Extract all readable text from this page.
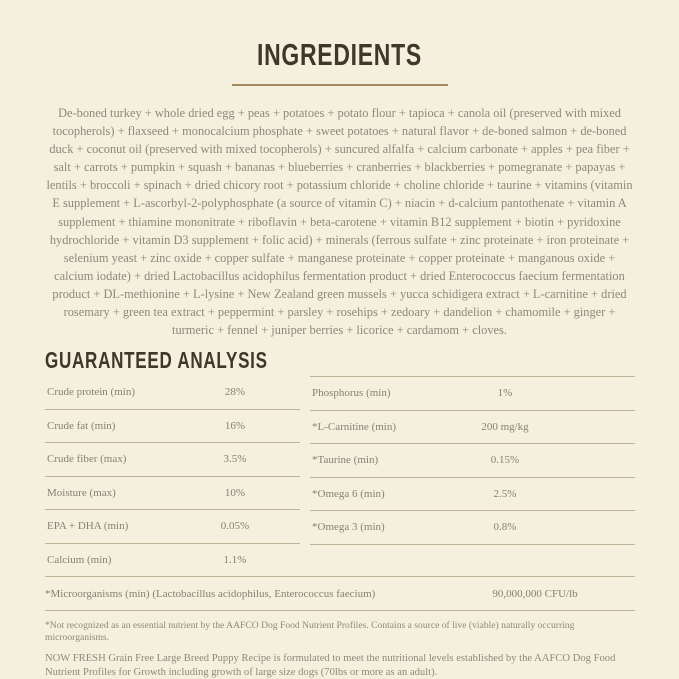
INGREDIENTS

De-boned turkey + whole dried egg + peas + potatoes + potato flour + tapioca + canola oil (preserved with mixed tocopherols) + flaxseed + monocalcium phosphate + sweet potatoes + natural flavor + de-boned salmon + de-boned duck + coconut oil (preserved with mixed tocopherols) + suncured alfalfa + calcium carbonate + apples + pea fiber + salt + carrots + pumpkin + squash + bananas + blueberries + cranberries + blackberries + pomegranate + papayas + lentils + broccoli + spinach + dried chicory root + potassium chloride + choline chloride + taurine + vitamins (vitamin E supplement + L-ascorbyl-2-polyphosphate (a source of vitamin C) + niacin + d-calcium pantothenate + vitamin A supplement + thiamine mononitrate + riboflavin + beta-carotene + vitamin B12 supplement + biotin + pyridoxine hydrochloride + vitamin D3 supplement + folic acid) + minerals (ferrous sulfate + zinc proteinate + iron proteinate + selenium yeast + zinc oxide + copper sulfate + manganese proteinate + copper proteinate + manganous oxide + calcium iodate) + dried Lactobacillus acidophilus fermentation product + dried Enterococcus faecium fermentation product + DL-methionine + L-lysine + New Zealand green mussels + yucca schidigera extract + L-carnitine + dried rosemary + green tea extract + peppermint + parsley + rosehips + zedoary + dandelion + chamomile + ginger + turmeric + fennel + juniper berries + licorice + cardamom + cloves.

GUARANTEED ANALYSIS
Crude protein (min)	28%
Crude fat (min)	16%
Crude fiber (max)	3.5%
Moisture (max)	10%
EPA + DHA (min)	0.05%
Calcium (min)	1.1%
Phosphorus (min)	1%
*L-Carnitine (min)	200 mg/kg
*Taurine (min)	0.15%
*Omega 6 (min)	2.5%
*Omega 3 (min)	0.8%
*Microorganisms (min) (Lactobacillus acidophilus, Enterococcus faecium)	90,000,000 CFU/lb

*Not recognized as an essential nutrient by the AAFCO Dog Food Nutrient Profiles. Contains a source of live (viable) naturally occurring microorganisms.

NOW FRESH Grain Free Large Breed Puppy Recipe is formulated to meet the nutritional levels established by the AAFCO Dog Food Nutrient Profiles for Growth including growth of large size dogs (70lbs or more as an adult).
